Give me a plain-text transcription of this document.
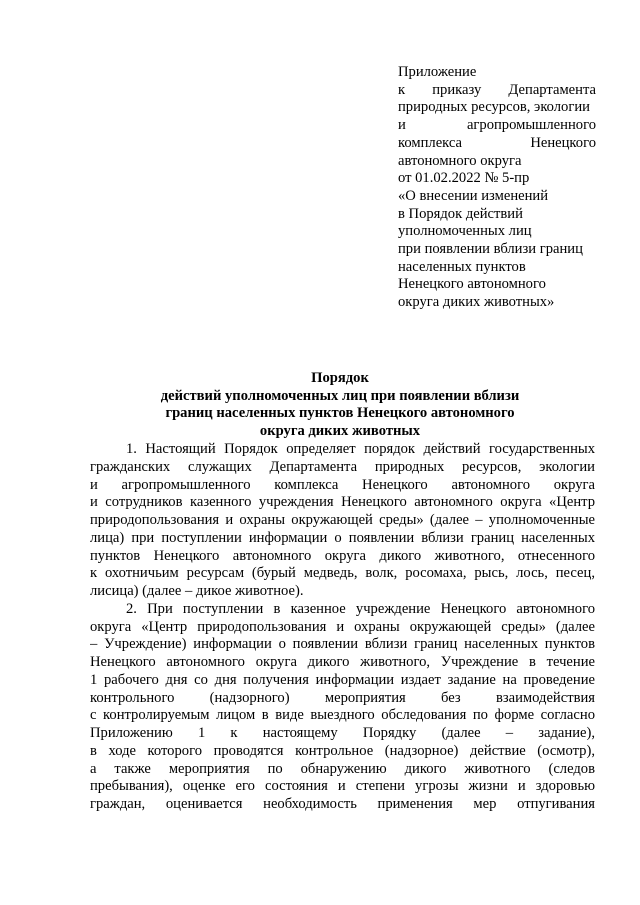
Приложение
к приказу Департамента
природных ресурсов, экологии
и агропромышленного
комплекса Ненецкого
автономного округа
от 01.02.2022 № 5-пр
«О внесении изменений
в Порядок действий
уполномоченных лиц
при появлении вблизи границ
населенных пунктов
Ненецкого автономного
округа диких животных»
Порядок
действий уполномоченных лиц при появлении вблизи
границ населенных пунктов Ненецкого автономного
округа диких животных
1. Настоящий Порядок определяет порядок действий государственных
гражданских служащих Департамента природных ресурсов, экологии
и агропромышленного комплекса Ненецкого автономного округа
и сотрудников казенного учреждения Ненецкого автономного округа «Центр
природопользования и охраны окружающей среды» (далее – уполномоченные
лица) при поступлении информации о появлении вблизи границ населенных
пунктов Ненецкого автономного округа дикого животного, отнесенного
к охотничьим ресурсам (бурый медведь, волк, росомаха, рысь, лось, песец,
лисица) (далее – дикое животное).
2. При поступлении в казенное учреждение Ненецкого автономного
округа «Центр природопользования и охраны окружающей среды» (далее
– Учреждение) информации о появлении вблизи границ населенных пунктов
Ненецкого автономного округа дикого животного, Учреждение в течение
1 рабочего дня со дня получения информации издает задание на проведение
контрольного (надзорного) мероприятия без взаимодействия
с контролируемым лицом в виде выездного обследования по форме согласно
Приложению 1 к настоящему Порядку (далее – задание),
в ходе которого проводятся контрольное (надзорное) действие (осмотр),
а также мероприятия по обнаружению дикого животного (следов
пребывания), оценке его состояния и степени угрозы жизни и здоровью
граждан, оценивается необходимость применения мер отпугивания
